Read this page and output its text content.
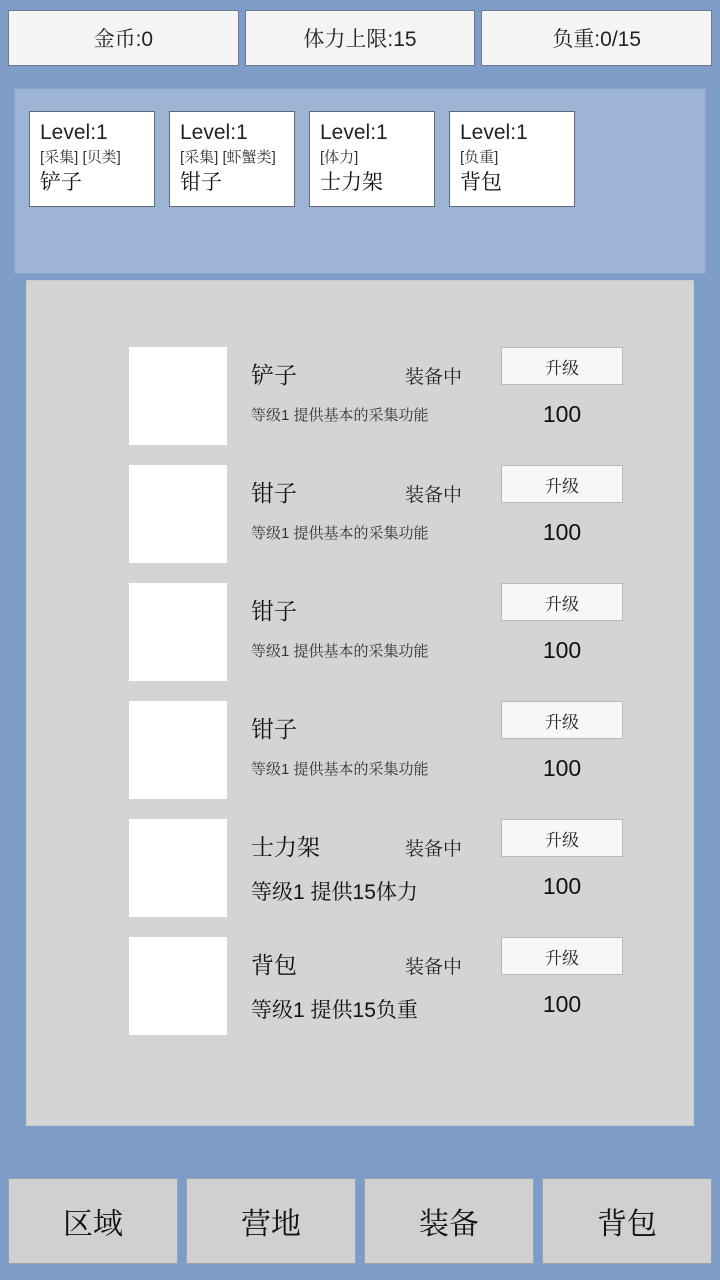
金币:0	体力上限:15	负重:0/15
Level:1
[采集] [贝类]
铲子
Level:1
[采集] [虾蟹类]
钳子
Level:1
[体力]
士力架
Level:1
[负重]
背包
铲子	装备中
等级1 提供基本的采集功能
升级
100
钳子	装备中
等级1 提供基本的采集功能
升级
100
钳子
等级1 提供基本的采集功能
升级
100
钳子
等级1 提供基本的采集功能
升级
100
士力架	装备中
等级1 提供15体力
升级
100
背包	装备中
等级1 提供15负重
升级
100
区域	营地	装备	背包
